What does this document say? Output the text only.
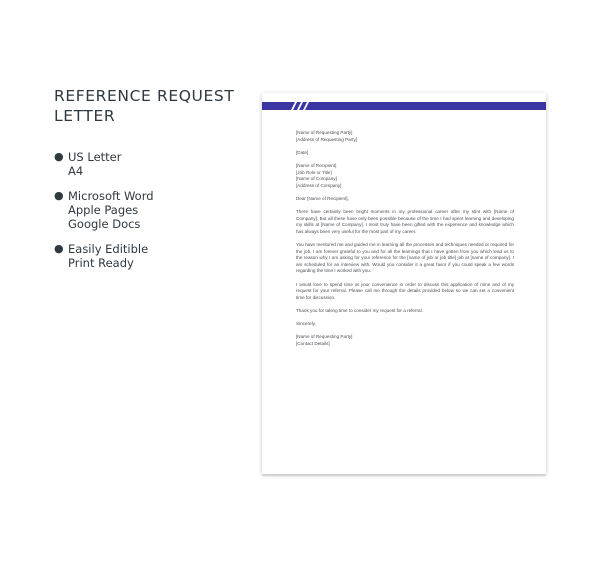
REFERENCE REQUEST
LETTER
● US Letter
A4
● Microsoft Word
Apple Pages
Google Docs
● Easily Editible
Print Ready
[Name of Requesting Party]
[Address of Requesting Party]
[Date]
[Name of Recipient]
[Job Role or Title]
[Name of Company]
[Address of Company]
Dear [Name of Recipient],

There have certainly been bright moments in my professional career after my stint with [Name of Company]. But all these have only been possible because of the time I had spent learning and developing my skills at [Name of Company]. I most truly have been gifted with the experience and knowledge which has always been very useful for the most part of my career.

You have mentored me and guided me in learning all the processes and techniques needed or required for the job. I am forever grateful to you and for all the learnings that I have gotten from you which lead us to the reason why I am asking for your reference for the [name of job or job title] job at [name of company]. I am scheduled for an interview with. Would you consider it a great favor if you could speak a few words regarding the time I worked with you.

I would love to spend time at your convenience in order to discuss this application of mine and of my request for your referral. Please call me through the details provided below so we can set a convenient time for discussion.

Thank you for taking time to consider my request for a referral.

Sincerely,
[Name of Requesting Party]
[Contact Details]
